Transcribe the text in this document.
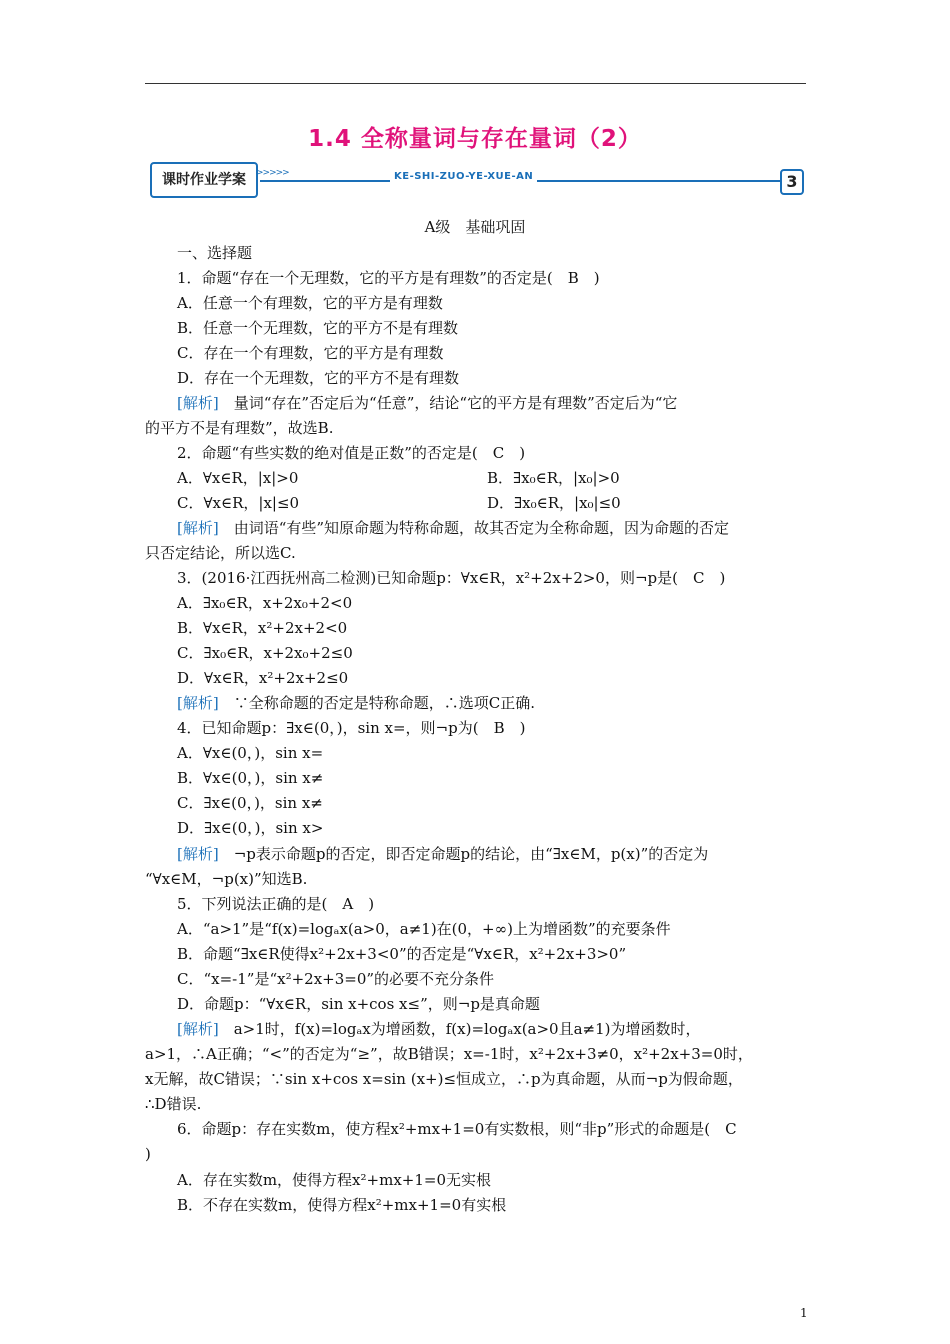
1.4 全称量词与存在量词（2）
课时作业学案	>>>>>	KE-SHI-ZUO-YE-XUE-AN	3
A级　基础巩固
一、选择题
1．命题“存在一个无理数，它的平方是有理数”的否定是(　B　)
A．任意一个有理数，它的平方是有理数
B．任意一个无理数，它的平方不是有理数
C．存在一个有理数，它的平方是有理数
D．存在一个无理数，它的平方不是有理数
[解析]　量词“存在”否定后为“任意”，结论“它的平方是有理数”否定后为“它
的平方不是有理数”，故选B.
2．命题“有些实数的绝对值是正数”的否定是(　C　)
A．∀x∈R，|x|>0	B．∃x₀∈R，|x₀|>0
C．∀x∈R，|x|≤0	D．∃x₀∈R，|x₀|≤0
[解析]　由词语“有些”知原命题为特称命题，故其否定为全称命题，因为命题的否定
只否定结论，所以选C.
3．(2016·江西抚州高二检测)已知命题p：∀x∈R，x²+2x+2>0，则¬p是(　C　)
A．∃x₀∈R，x+2x₀+2<0
B．∀x∈R，x²+2x+2<0
C．∃x₀∈R，x+2x₀+2≤0
D．∀x∈R，x²+2x+2≤0
[解析]　∵全称命题的否定是特称命题，∴选项C正确.
4．已知命题p：∃x∈(0，)，sin x=，则¬p为(　B　)
A．∀x∈(0，)，sin x=
B．∀x∈(0，)，sin x≠
C．∃x∈(0，)，sin x≠
D．∃x∈(0，)，sin x>
[解析]　¬p表示命题p的否定，即否定命题p的结论，由“∃x∈M，p(x)”的否定为
“∀x∈M，¬p(x)”知选B.
5．下列说法正确的是(　A　)
A．“a>1”是“f(x)=logₐx(a>0，a≠1)在(0，+∞)上为增函数”的充要条件
B．命题“∃x∈R使得x²+2x+3<0”的否定是“∀x∈R，x²+2x+3>0”
C．“x=-1”是“x²+2x+3=0”的必要不充分条件
D．命题p：“∀x∈R，sin x+cos x≤”，则¬p是真命题
[解析]　a>1时，f(x)=logₐx为增函数，f(x)=logₐx(a>0且a≠1)为增函数时，
a>1，∴A正确；“<”的否定为“≥”，故B错误；x=-1时，x²+2x+3≠0，x²+2x+3=0时，
x无解，故C错误；∵sin x+cos x=sin (x+)≤恒成立，∴p为真命题，从而¬p为假命题，
∴D错误.
6．命题p：存在实数m，使方程x²+mx+1=0有实数根，则“非p”形式的命题是(　C
)
A．存在实数m，使得方程x²+mx+1=0无实根
B．不存在实数m，使得方程x²+mx+1=0有实根
1
